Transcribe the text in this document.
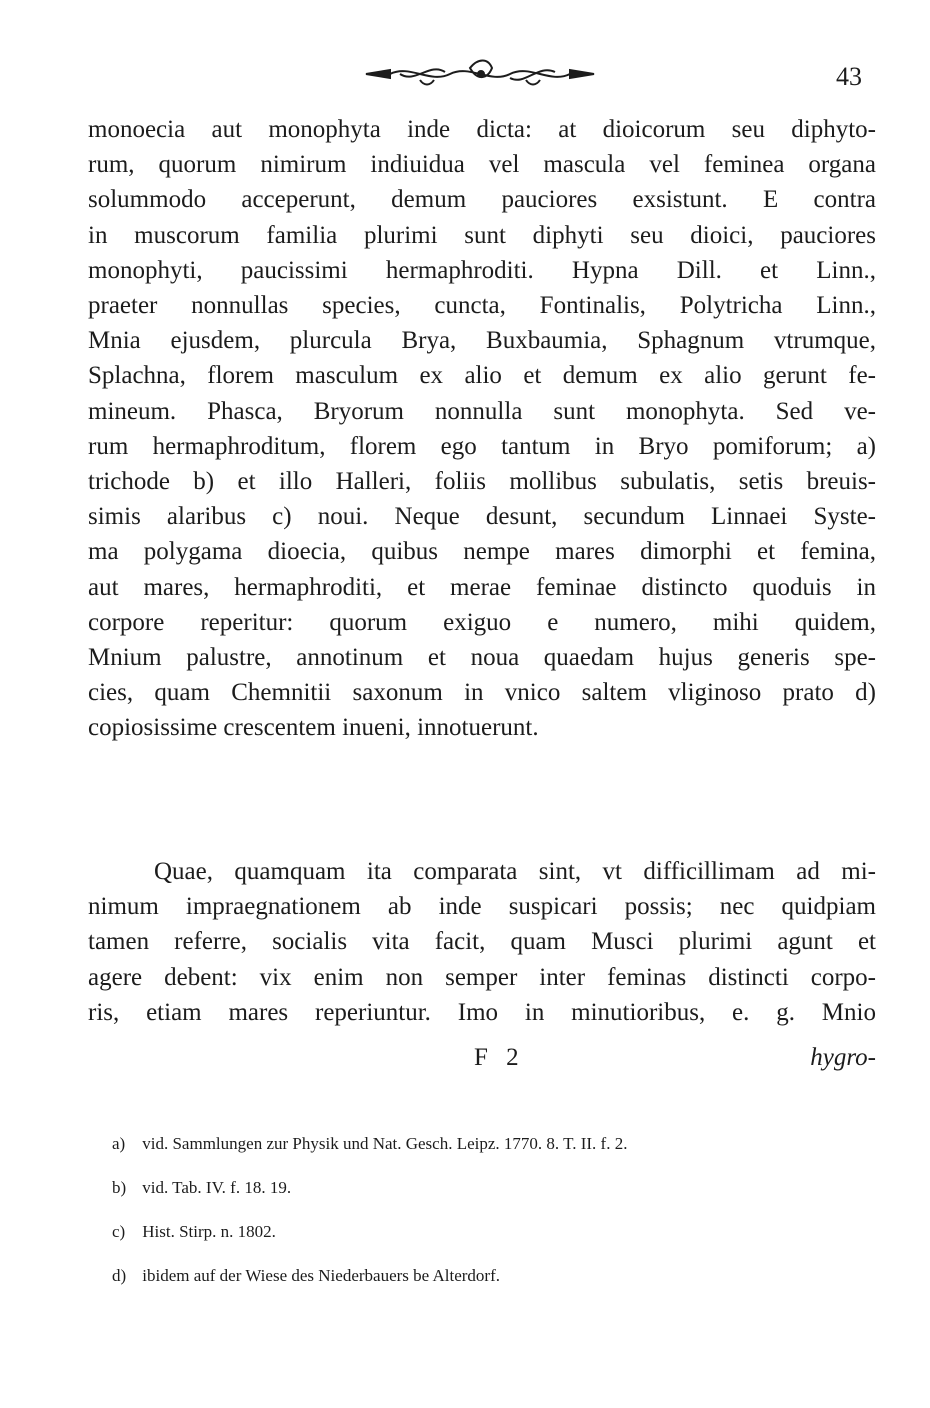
43
monoecia aut monophyta inde dicta: at dioicorum seu diphyto-
rum, quorum nimirum indiuidua vel mascula vel feminea organa
solummodo acceperunt, demum pauciores exsistunt. E contra
in muscorum familia plurimi sunt diphyti seu dioici, pauciores
monophyti, paucissimi hermaphroditi. Hypna Dill. et Linn.,
praeter nonnullas species, cuncta, Fontinalis, Polytricha Linn.,
Mnia ejusdem, plurcula Brya, Buxbaumia, Sphagnum vtrumque,
Splachna, florem masculum ex alio et demum ex alio gerunt fe-
mineum. Phasca, Bryorum nonnulla sunt monophyta. Sed ve-
rum hermaphroditum, florem ego tantum in Bryo pomiforum; a)
trichode b) et illo Halleri, foliis mollibus subulatis, setis breuis-
simis alaribus c) noui. Neque desunt, secundum Linnaei Syste-
ma polygama dioecia, quibus nempe mares dimorphi et femina,
aut mares, hermaphroditi, et merae feminae distincto quoduis in
corpore reperitur: quorum exiguo e numero, mihi quidem,
Mnium palustre, annotinum et noua quaedam hujus generis spe-
cies, quam Chemnitii saxonum in vnico saltem vliginoso prato d)
copiosissime crescentem inueni, innotuerunt.
Quae, quamquam ita comparata sint, vt difficillimam ad mi-
nimum impraegnationem ab inde suspicari possis; nec quidpiam
tamen referre, socialis vita facit, quam Musci plurimi agunt et
agere debent: vix enim non semper inter feminas distincti corpo-
ris, etiam mares reperiuntur. Imo in minutioribus, e. g. Mnio
F 2	hygro-
a) vid. Sammlungen zur Physik und Nat. Gesch. Leipz. 1770. 8. T. II. f. 2.
b) vid. Tab. IV. f. 18. 19.
c) Hist. Stirp. n. 1802.
d) ibidem auf der Wiese des Niederbauers be Alterdorf.
